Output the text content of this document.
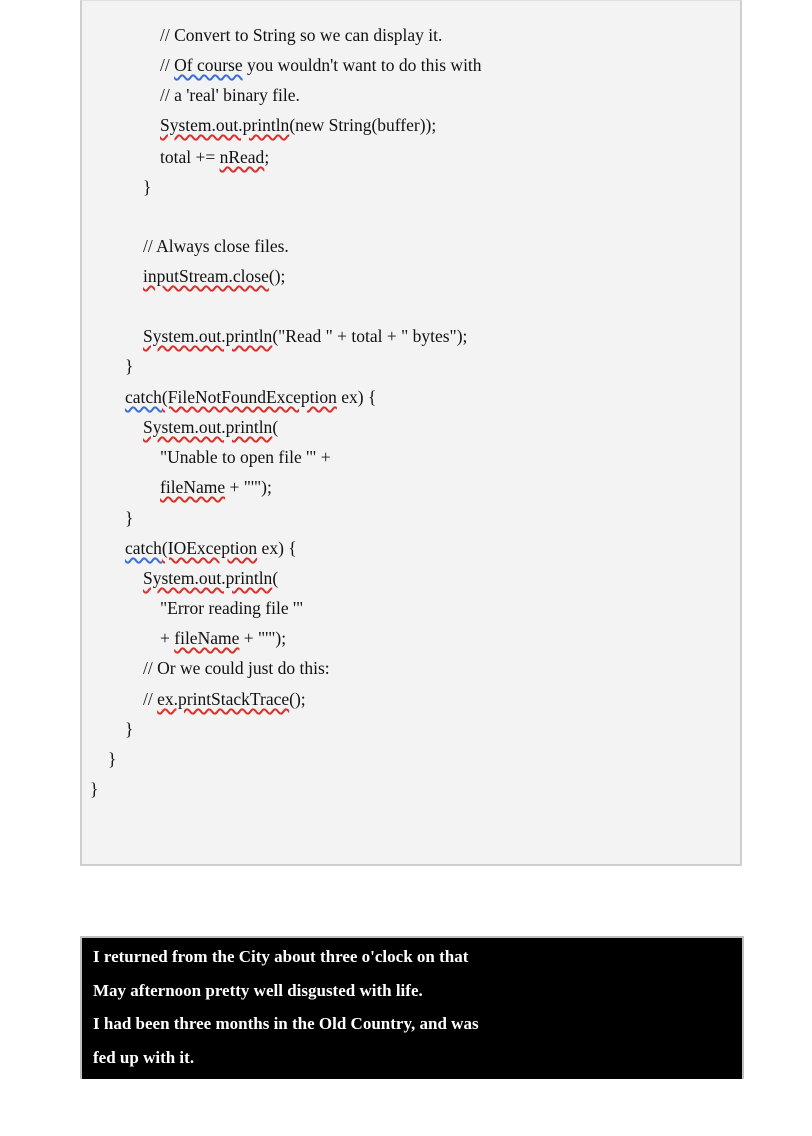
// Convert to String so we can display it.
// Of course you wouldn't want to do this with
// a 'real' binary file.
System.out.println(new String(buffer));
total += nRead;
}
// Always close files.
inputStream.close();
System.out.println("Read " + total + " bytes");
}
catch(FileNotFoundException ex) {
System.out.println(
"Unable to open file '" +
fileName + "'");
}
catch(IOException ex) {
System.out.println(
"Error reading file '"
+ fileName + "'");
// Or we could just do this:
// ex.printStackTrace();
}
}
}
I returned from the City about three o'clock on that
May afternoon pretty well disgusted with life.
I had been three months in the Old Country, and was
fed up with it.
